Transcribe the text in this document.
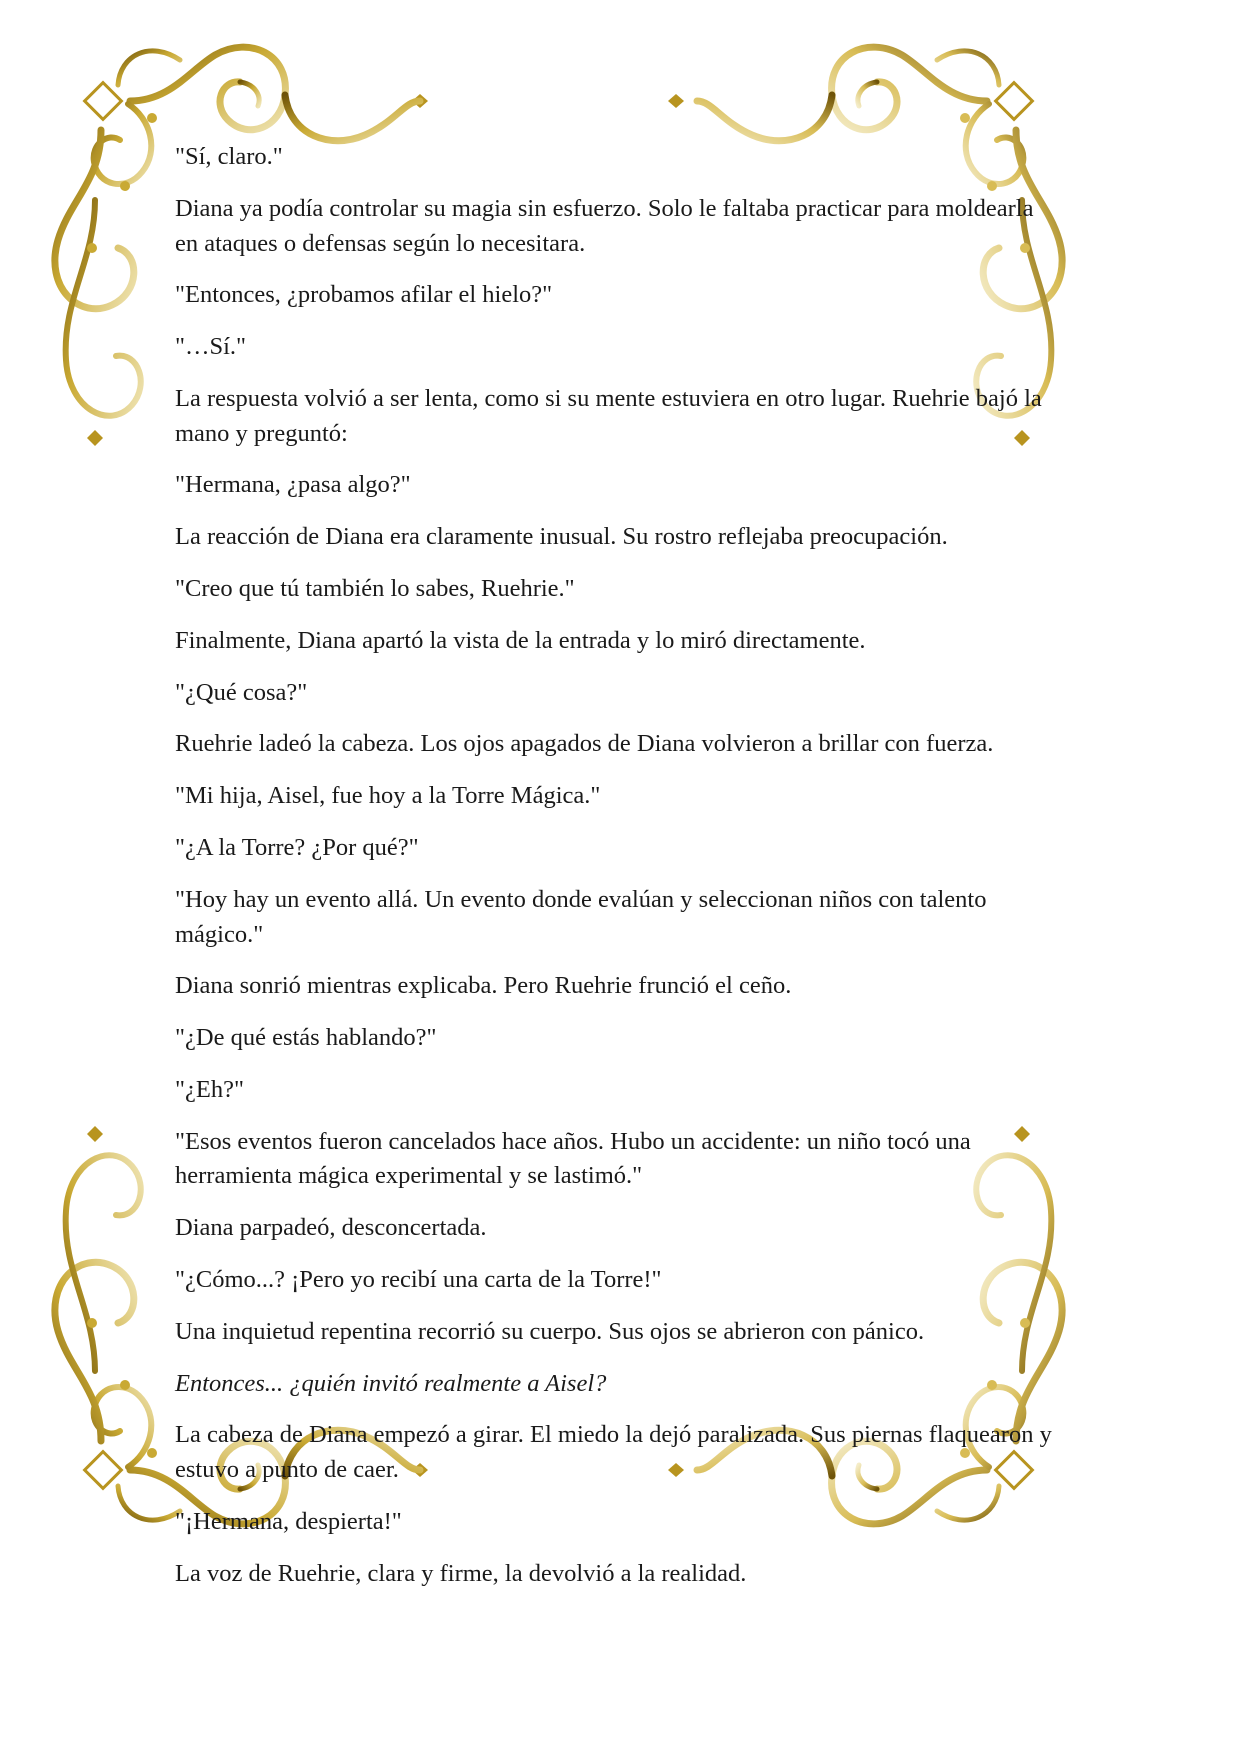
"Sí, claro."

Diana ya podía controlar su magia sin esfuerzo. Solo le faltaba practicar para moldearla en ataques o defensas según lo necesitara.

"Entonces, ¿probamos afilar el hielo?"

"…Sí."

La respuesta volvió a ser lenta, como si su mente estuviera en otro lugar. Ruehrie bajó la mano y preguntó:

"Hermana, ¿pasa algo?"

La reacción de Diana era claramente inusual. Su rostro reflejaba preocupación.

"Creo que tú también lo sabes, Ruehrie."

Finalmente, Diana apartó la vista de la entrada y lo miró directamente.

"¿Qué cosa?"

Ruehrie ladeó la cabeza. Los ojos apagados de Diana volvieron a brillar con fuerza.

"Mi hija, Aisel, fue hoy a la Torre Mágica."

"¿A la Torre? ¿Por qué?"

"Hoy hay un evento allá. Un evento donde evalúan y seleccionan niños con talento mágico."

Diana sonrió mientras explicaba. Pero Ruehrie frunció el ceño.

"¿De qué estás hablando?"

"¿Eh?"

"Esos eventos fueron cancelados hace años. Hubo un accidente: un niño tocó una herramienta mágica experimental y se lastimó."

Diana parpadeó, desconcertada.

"¿Cómo...? ¡Pero yo recibí una carta de la Torre!"

Una inquietud repentina recorrió su cuerpo. Sus ojos se abrieron con pánico.

Entonces... ¿quién invitó realmente a Aisel?

La cabeza de Diana empezó a girar. El miedo la dejó paralizada. Sus piernas flaquearon y estuvo a punto de caer.

"¡Hermana, despierta!"

La voz de Ruehrie, clara y firme, la devolvió a la realidad.
